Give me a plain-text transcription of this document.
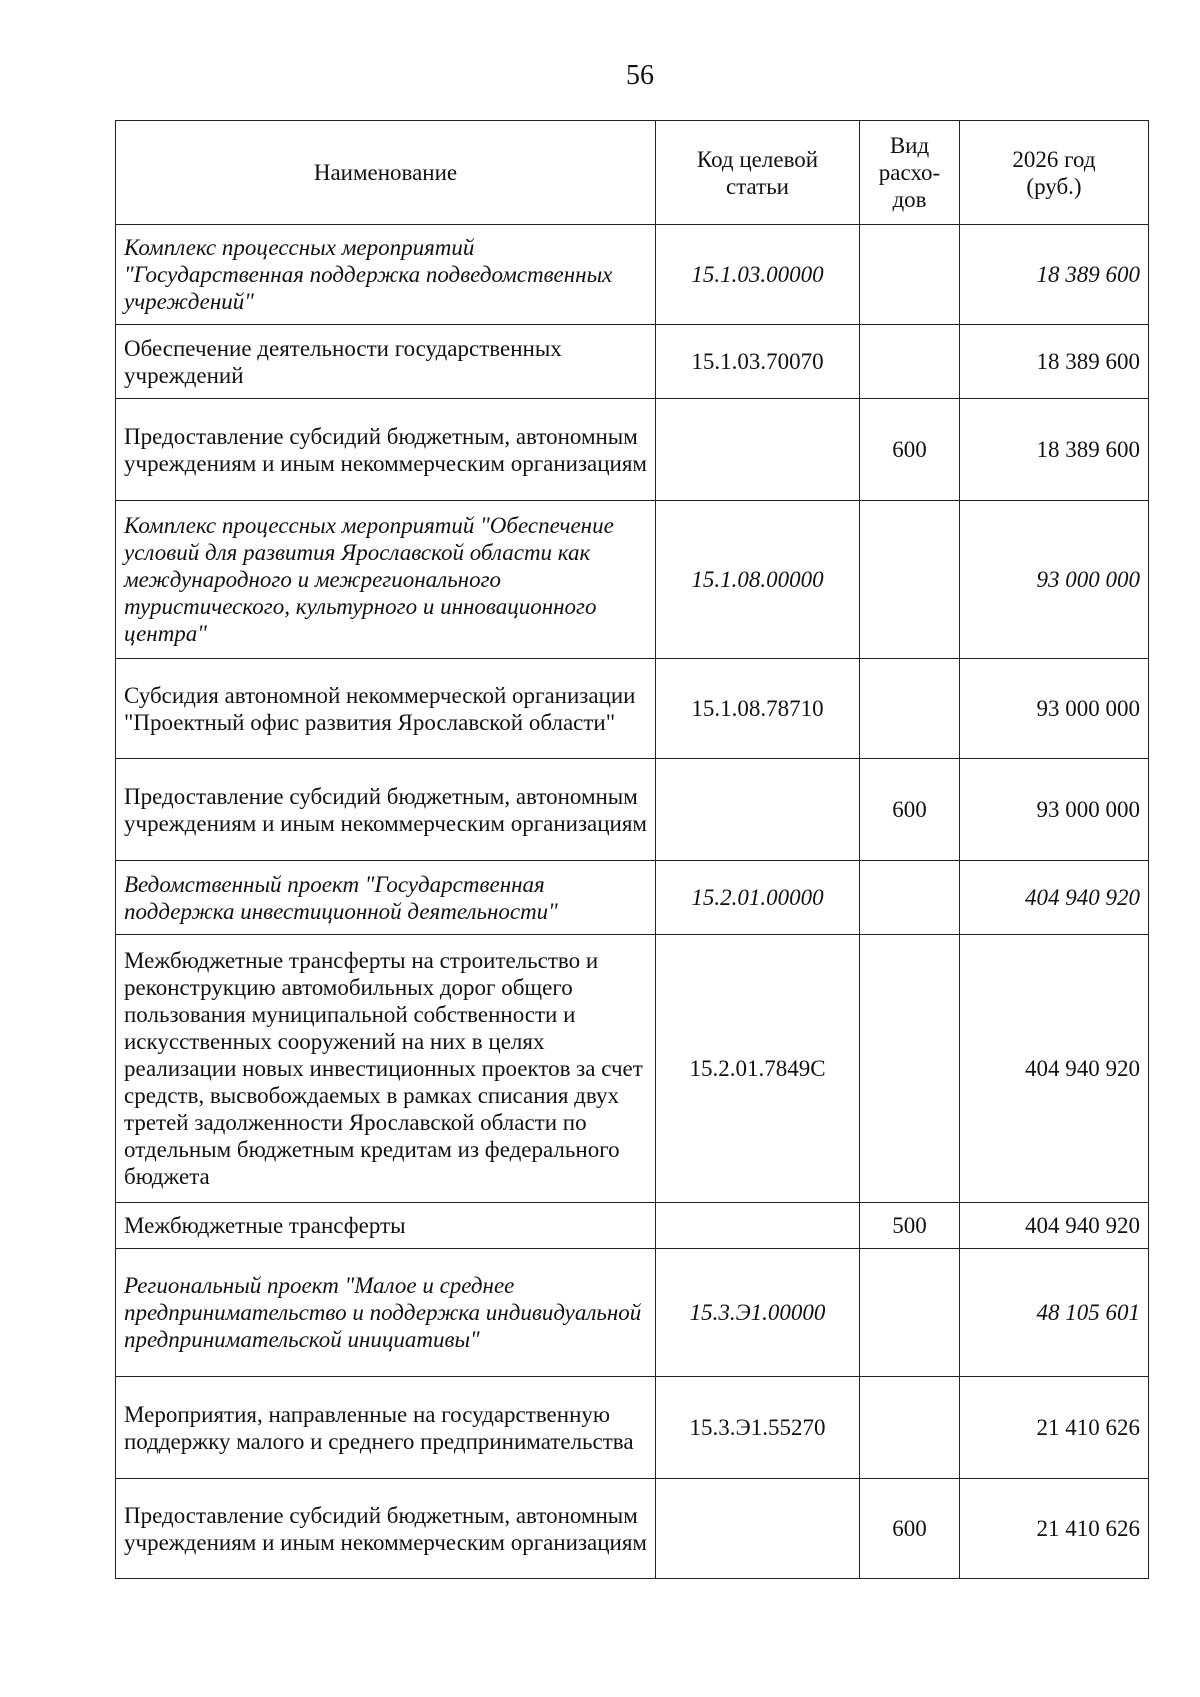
56
Наименование	Код целевой статьи	Вид расхо-дов	2026 год (руб.)
Комплекс процессных мероприятий "Государственная поддержка подведомственных учреждений"	15.1.03.00000		18 389 600
Обеспечение деятельности государственных учреждений	15.1.03.70070		18 389 600
Предоставление субсидий бюджетным, автономным учреждениям и иным некоммерческим организациям		600	18 389 600
Комплекс процессных мероприятий "Обеспечение условий для развития Ярославской области как международного и межрегионального туристического, культурного и инновационного центра"	15.1.08.00000		93 000 000
Субсидия автономной некоммерческой организации "Проектный офис развития Ярославской области"	15.1.08.78710		93 000 000
Предоставление субсидий бюджетным, автономным учреждениям и иным некоммерческим организациям		600	93 000 000
Ведомственный проект "Государственная поддержка инвестиционной деятельности"	15.2.01.00000		404 940 920
Межбюджетные трансферты на строительство и реконструкцию автомобильных дорог общего пользования муниципальной собственности и искусственных сооружений на них в целях реализации новых инвестиционных проектов за счет средств, высвобождаемых в рамках списания двух третей задолженности Ярославской области по отдельным бюджетным кредитам из федерального бюджета	15.2.01.7849С		404 940 920
Межбюджетные трансферты		500	404 940 920
Региональный проект "Малое и среднее предпринимательство и поддержка индивидуальной предпринимательской инициативы"	15.3.Э1.00000		48 105 601
Мероприятия, направленные на государственную поддержку малого и среднего предпринимательства	15.3.Э1.55270		21 410 626
Предоставление субсидий бюджетным, автономным учреждениям и иным некоммерческим организациям		600	21 410 626
